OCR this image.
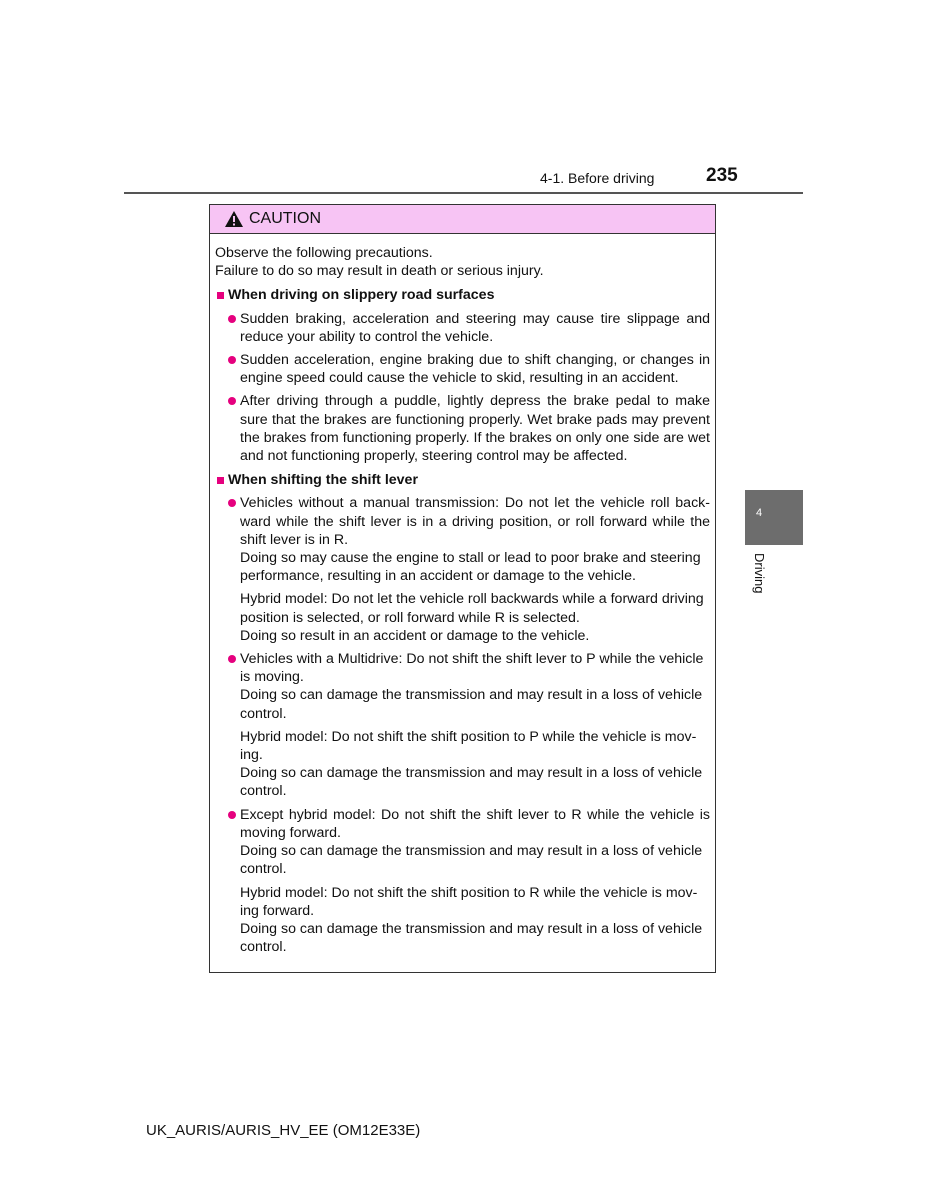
4-1. Before driving	235
CAUTION

Observe the following precautions.

Failure to do so may result in death or serious injury.

When driving on slippery road surfaces

Sudden braking, acceleration and steering may cause tire slippage and reduce your ability to control the vehicle.

Sudden acceleration, engine braking due to shift changing, or changes in engine speed could cause the vehicle to skid, resulting in an accident.

After driving through a puddle, lightly depress the brake pedal to make sure that the brakes are functioning properly. Wet brake pads may prevent the brakes from functioning properly. If the brakes on only one side are wet and not functioning properly, steering control may be affected.

When shifting the shift lever

Vehicles without a manual transmission: Do not let the vehicle roll back-ward while the shift lever is in a driving position, or roll forward while the shift lever is in R.

Doing so may cause the engine to stall or lead to poor brake and steering performance, resulting in an accident or damage to the vehicle.

Hybrid model: Do not let the vehicle roll backwards while a forward driving position is selected, or roll forward while R is selected.

Doing so result in an accident or damage to the vehicle.

Vehicles with a Multidrive: Do not shift the shift lever to P while the vehicle is moving.

Doing so can damage the transmission and may result in a loss of vehicle control.

Hybrid model: Do not shift the shift position to P while the vehicle is mov-ing.

Doing so can damage the transmission and may result in a loss of vehicle control.

Except hybrid model: Do not shift the shift lever to R while the vehicle is moving forward.

Doing so can damage the transmission and may result in a loss of vehicle control.

Hybrid model: Do not shift the shift position to R while the vehicle is mov-ing forward.

Doing so can damage the transmission and may result in a loss of vehicle control.

4
Driving
UK_AURIS/AURIS_HV_EE (OM12E33E)
